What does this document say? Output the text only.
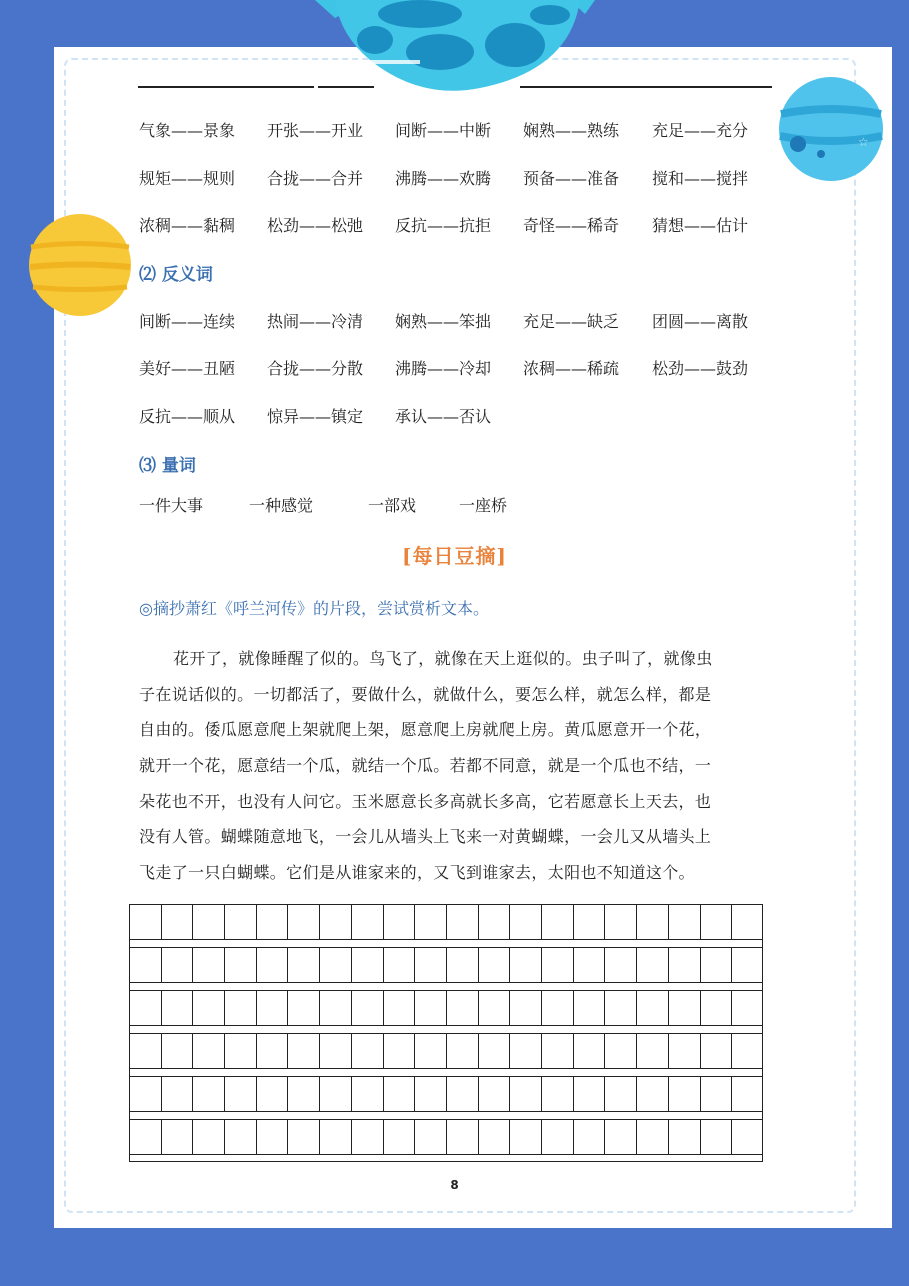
☆
气象——景象 开张——开业 间断——中断 娴熟——熟练 充足——充分
规矩——规则 合拢——合并 沸腾——欢腾 预备——准备 搅和——搅拌
浓稠——黏稠 松劲——松弛 反抗——抗拒 奇怪——稀奇 猜想——估计
⑵ 反义词
间断——连续 热闹——冷清 娴熟——笨拙 充足——缺乏 团圆——离散
美好——丑陋 合拢——分散 沸腾——冷却 浓稠——稀疏 松劲——鼓劲
反抗——顺从 惊异——镇定 承认——否认
⑶ 量词
一件大事	一种感觉	一部戏	一座桥
[每日豆摘]
◎摘抄萧红《呼兰河传》的片段，尝试赏析文本。
花开了，就像睡醒了似的。鸟飞了，就像在天上逛似的。虫子叫了，就像虫
子在说话似的。一切都活了，要做什么，就做什么，要怎么样，就怎么样，都是
自由的。倭瓜愿意爬上架就爬上架，愿意爬上房就爬上房。黄瓜愿意开一个花，
就开一个花，愿意结一个瓜，就结一个瓜。若都不同意，就是一个瓜也不结，一
朵花也不开，也没有人问它。玉米愿意长多高就长多高，它若愿意长上天去，也
没有人管。蝴蝶随意地飞，一会儿从墙头上飞来一对黄蝴蝶，一会儿又从墙头上
飞走了一只白蝴蝶。它们是从谁家来的，又飞到谁家去，太阳也不知道这个。
8
